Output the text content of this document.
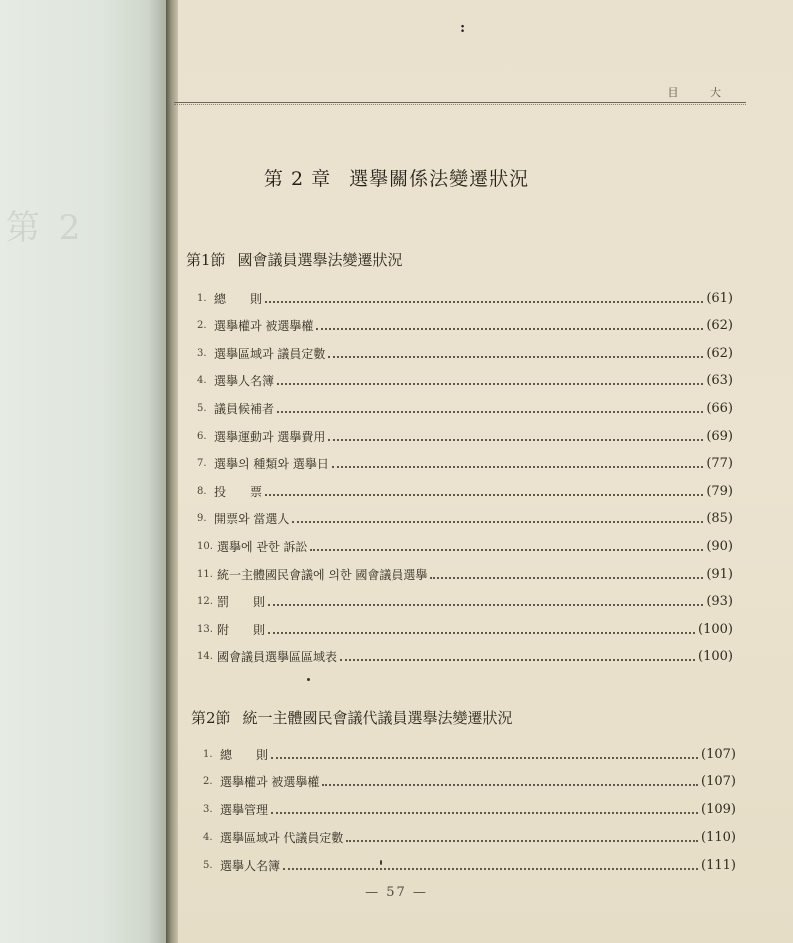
第 2
:
目 大
第 2 章 選擧關係法變遷狀況
第1節 國會議員選擧法變遷狀況
第2節 統一主體國民會議代議員選擧法變遷狀況
1. 總　　則	(61)
2. 選擧權과 被選擧權	(62)
3. 選擧區域과 議員定數	(62)
4. 選擧人名簿	(63)
5. 議員候補者	(66)
6. 選擧運動과 選擧費用	(69)
7. 選擧의 種類와 選擧日	(77)
8. 投　　票	(79)
9. 開票와 當選人	(85)
10. 選擧에 관한 訴訟	(90)
11. 統一主體國民會議에 의한 國會議員選擧	(91)
12. 罰　　則	(93)
13. 附　　則	(100)
14. 國會議員選擧區區域表	(100)
1. 總　　則	(107)
2. 選擧權과 被選擧權	(107)
3. 選擧管理	(109)
4. 選擧區域과 代議員定數	(110)
5. 選擧人名簿	(111)
— 57 —
